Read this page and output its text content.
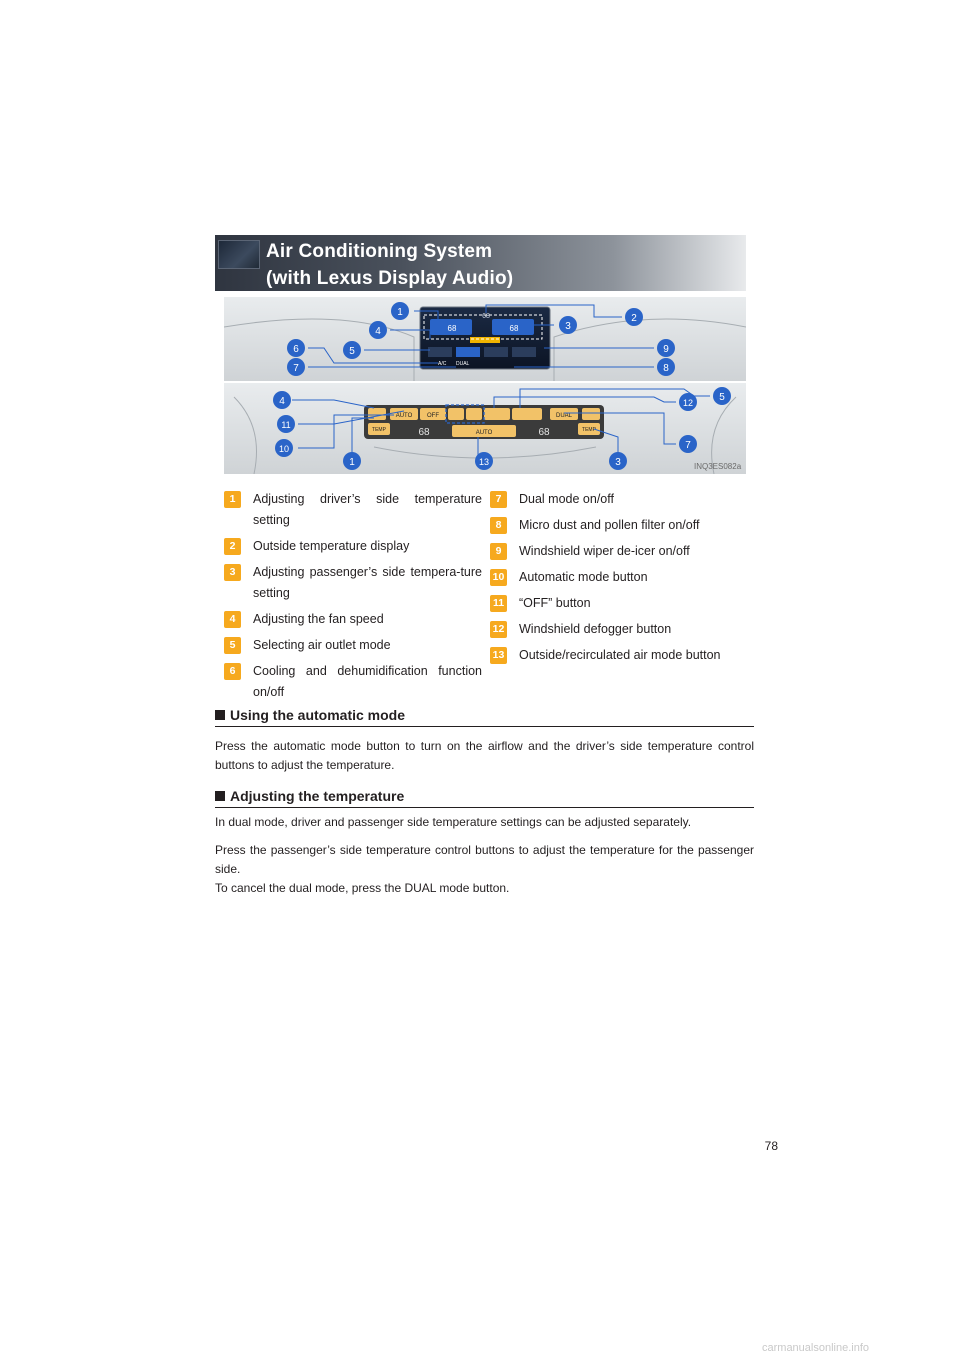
Air Conditioning System
(with Lexus Display Audio)
68	68
68
A/C DUAL
AUTO OFF	DUAL
TEMP	TEMP
68	68
AUTO
1
2
3
4
5
6
7
9
8
5
12
4
11
10
1	13	3
7
INQ3ES082a
1	Adjusting driver’s side temperature setting
2	Outside temperature display
3	Adjusting passenger’s side tempera-ture setting
4	Adjusting the fan speed
5	Selecting air outlet mode
6	Cooling and dehumidification function on/off
7	Dual mode on/off
8	Micro dust and pollen filter on/off
9	Windshield wiper de-icer on/off
10 Automatic mode button
11 “OFF” button
12 Windshield defogger button
13 Outside/recirculated air mode button
Using the automatic mode

Press the automatic mode button to turn on the airflow and the driver’s side temperature control buttons to adjust the temperature.

Adjusting the temperature

In dual mode, driver and passenger side temperature settings can be adjusted separately.

Press the passenger’s side temperature control buttons to adjust the temperature for the passenger side.
To cancel the dual mode, press the DUAL mode button.

78
carmanualsonline.info
